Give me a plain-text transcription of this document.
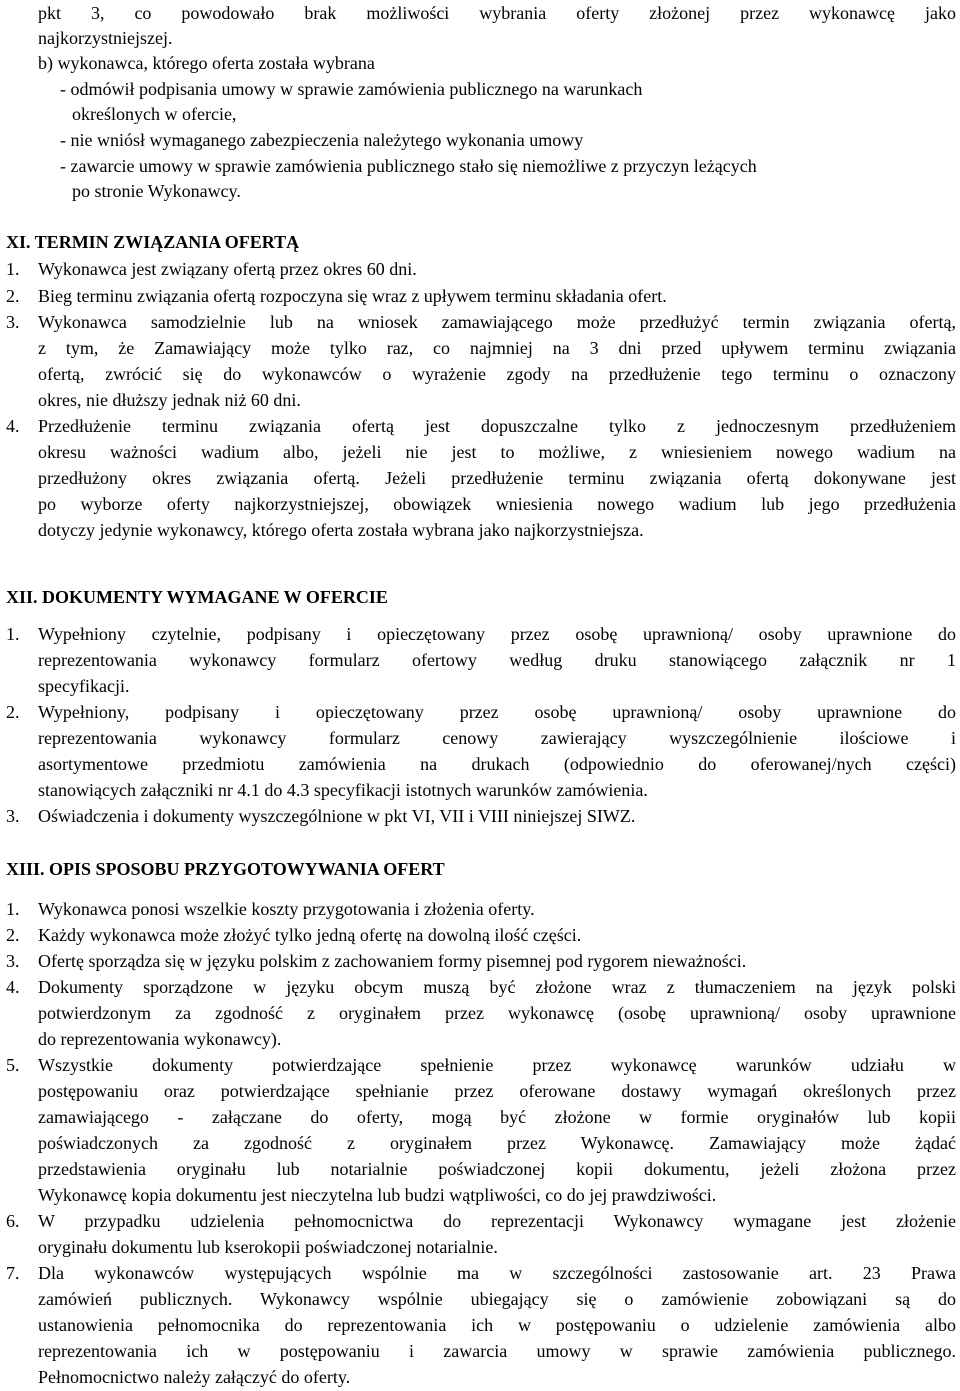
pkt 3, co powodowało brak możliwości wybrania oferty złożonej przez wykonawcę jako
najkorzystniejszej.
b) wykonawca, którego oferta została wybrana
- odmówił podpisania umowy w sprawie zamówienia publicznego na warunkach
określonych w ofercie,
- nie wniósł wymaganego zabezpieczenia należytego wykonania umowy
- zawarcie umowy w sprawie zamówienia publicznego stało się niemożliwe z przyczyn leżących
po stronie Wykonawcy.
XI. TERMIN ZWIĄZANIA OFERTĄ
1. Wykonawca jest związany ofertą przez okres 60 dni.
2. Bieg terminu związania ofertą rozpoczyna się wraz z upływem terminu składania ofert.
3. Wykonawca samodzielnie lub na wniosek zamawiającego może przedłużyć termin związania ofertą,
z tym, że Zamawiający może tylko raz, co najmniej na 3 dni przed upływem terminu związania
ofertą, zwrócić się do wykonawców o wyrażenie zgody na przedłużenie tego terminu o oznaczony
okres, nie dłuższy jednak niż 60 dni.
4. Przedłużenie terminu związania ofertą jest dopuszczalne tylko z jednoczesnym przedłużeniem
okresu ważności wadium albo, jeżeli nie jest to możliwe, z wniesieniem nowego wadium na
przedłużony okres związania ofertą. Jeżeli przedłużenie terminu związania ofertą dokonywane jest
po wyborze oferty najkorzystniejszej, obowiązek wniesienia nowego wadium lub jego przedłużenia
dotyczy jedynie wykonawcy, którego oferta została wybrana jako najkorzystniejsza.
XII. DOKUMENTY WYMAGANE W OFERCIE
1. Wypełniony czytelnie, podpisany i opieczętowany przez osobę uprawnioną/ osoby uprawnione do
reprezentowania wykonawcy formularz ofertowy według druku stanowiącego załącznik nr 1
specyfikacji.
2. Wypełniony, podpisany i opieczętowany przez osobę uprawnioną/ osoby uprawnione do
reprezentowania wykonawcy formularz cenowy zawierający wyszczególnienie ilościowe i
asortymentowe przedmiotu zamówienia na drukach (odpowiednio do oferowanej/nych części)
stanowiących załączniki nr 4.1 do 4.3 specyfikacji istotnych warunków zamówienia.
3. Oświadczenia i dokumenty wyszczególnione w pkt VI, VII i VIII niniejszej SIWZ.
XIII. OPIS SPOSOBU PRZYGOTOWYWANIA OFERT
1. Wykonawca ponosi wszelkie koszty przygotowania i złożenia oferty.
2. Każdy wykonawca może złożyć tylko jedną ofertę na dowolną ilość części.
3. Ofertę sporządza się w języku polskim z zachowaniem formy pisemnej pod rygorem nieważności.
4. Dokumenty sporządzone w języku obcym muszą być złożone wraz z tłumaczeniem na język polski
potwierdzonym za zgodność z oryginałem przez wykonawcę (osobę uprawnioną/ osoby uprawnione
do reprezentowania wykonawcy).
5. Wszystkie dokumenty potwierdzające spełnienie przez wykonawcę warunków udziału w
postępowaniu oraz potwierdzające spełnianie przez oferowane dostawy wymagań określonych przez
zamawiającego - załączane do oferty, mogą być złożone w formie oryginałów lub kopii
poświadczonych za zgodność z oryginałem przez Wykonawcę. Zamawiający może żądać
przedstawienia oryginału lub notarialnie poświadczonej kopii dokumentu, jeżeli złożona przez
Wykonawcę kopia dokumentu jest nieczytelna lub budzi wątpliwości, co do jej prawdziwości.
6. W przypadku udzielenia pełnomocnictwa do reprezentacji Wykonawcy wymagane jest złożenie
oryginału dokumentu lub kserokopii poświadczonej notarialnie.
7. Dla wykonawców występujących wspólnie ma w szczególności zastosowanie art. 23 Prawa
zamówień publicznych. Wykonawcy wspólnie ubiegający się o zamówienie zobowiązani są do
ustanowienia pełnomocnika do reprezentowania ich w postępowaniu o udzielenie zamówienia albo
reprezentowania ich w postępowaniu i zawarcia umowy w sprawie zamówienia publicznego.
Pełnomocnictwo należy załączyć do oferty.
